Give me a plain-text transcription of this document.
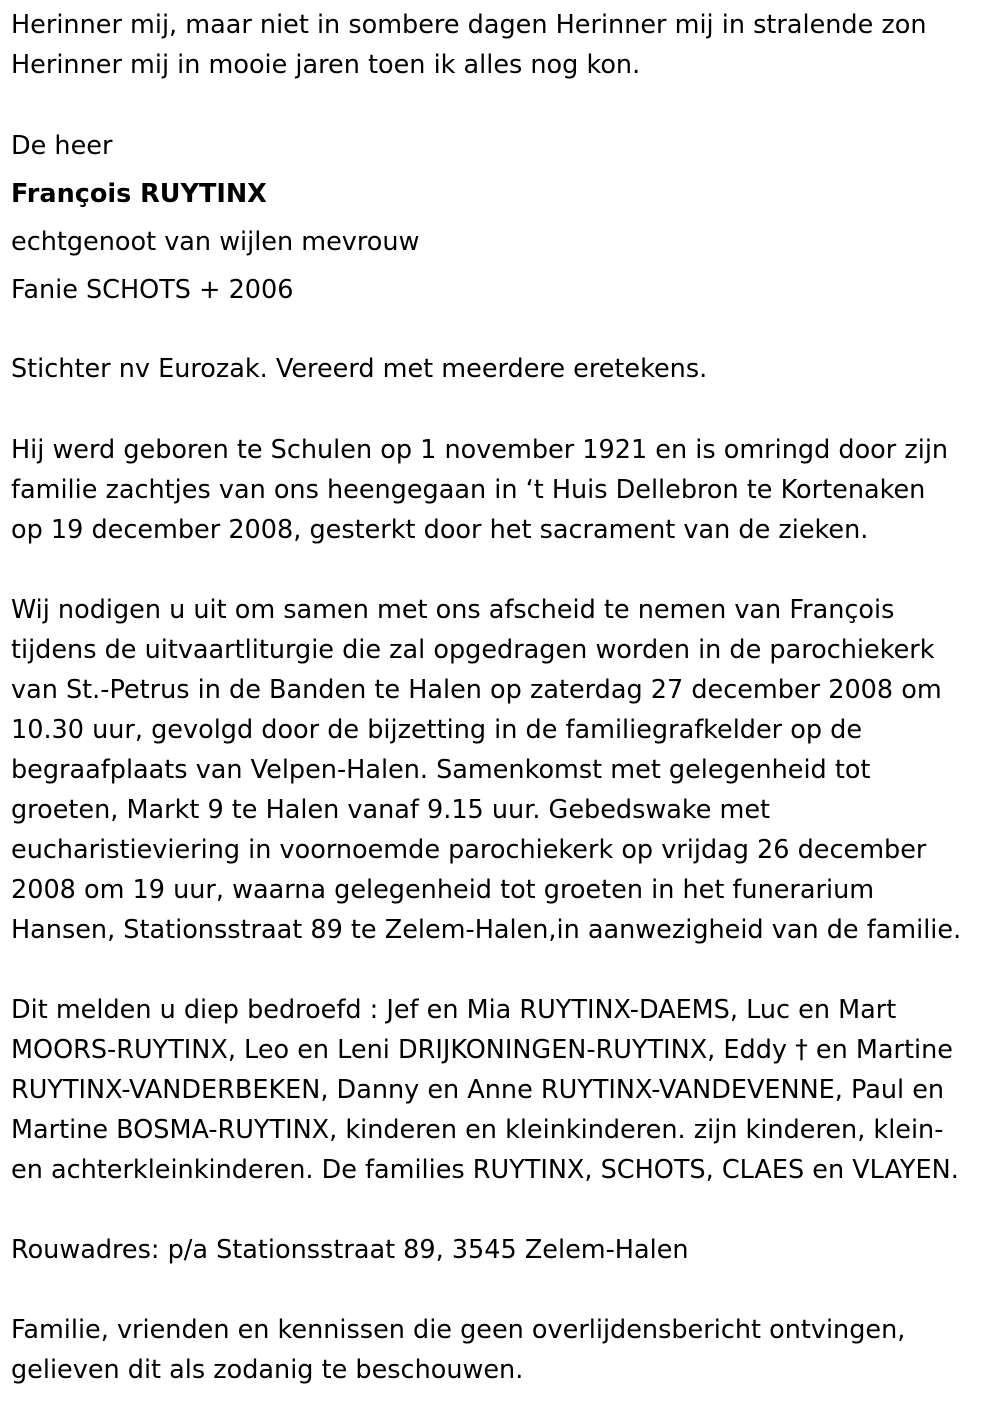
Herinner mij, maar niet in sombere dagen Herinner mij in stralende zon
Herinner mij in mooie jaren toen ik alles nog kon.

De heer

François RUYTINX

echtgenoot van wijlen mevrouw

Fanie SCHOTS + 2006

Stichter nv Eurozak. Vereerd met meerdere eretekens.

Hij werd geboren te Schulen op 1 november 1921 en is omringd door zijn
familie zachtjes van ons heengegaan in ‘t Huis Dellebron te Kortenaken
op 19 december 2008, gesterkt door het sacrament van de zieken.

Wij nodigen u uit om samen met ons afscheid te nemen van François
tijdens de uitvaartliturgie die zal opgedragen worden in de parochiekerk
van St.-Petrus in de Banden te Halen op zaterdag 27 december 2008 om
10.30 uur, gevolgd door de bijzetting in de familiegrafkelder op de
begraafplaats van Velpen-Halen. Samenkomst met gelegenheid tot
groeten, Markt 9 te Halen vanaf 9.15 uur. Gebedswake met
eucharistieviering in voornoemde parochiekerk op vrijdag 26 december
2008 om 19 uur, waarna gelegenheid tot groeten in het funerarium
Hansen, Stationsstraat 89 te Zelem-Halen,in aanwezigheid van de familie.

Dit melden u diep bedroefd : Jef en Mia RUYTINX-DAEMS, Luc en Mart
MOORS-RUYTINX, Leo en Leni DRIJKONINGEN-RUYTINX, Eddy † en Martine
RUYTINX-VANDERBEKEN, Danny en Anne RUYTINX-VANDEVENNE, Paul en
Martine BOSMA-RUYTINX, kinderen en kleinkinderen. zijn kinderen, klein-
en achterkleinkinderen. De families RUYTINX, SCHOTS, CLAES en VLAYEN.

Rouwadres: p/a Stationsstraat 89, 3545 Zelem-Halen

Familie, vrienden en kennissen die geen overlijdensbericht ontvingen,
gelieven dit als zodanig te beschouwen.
